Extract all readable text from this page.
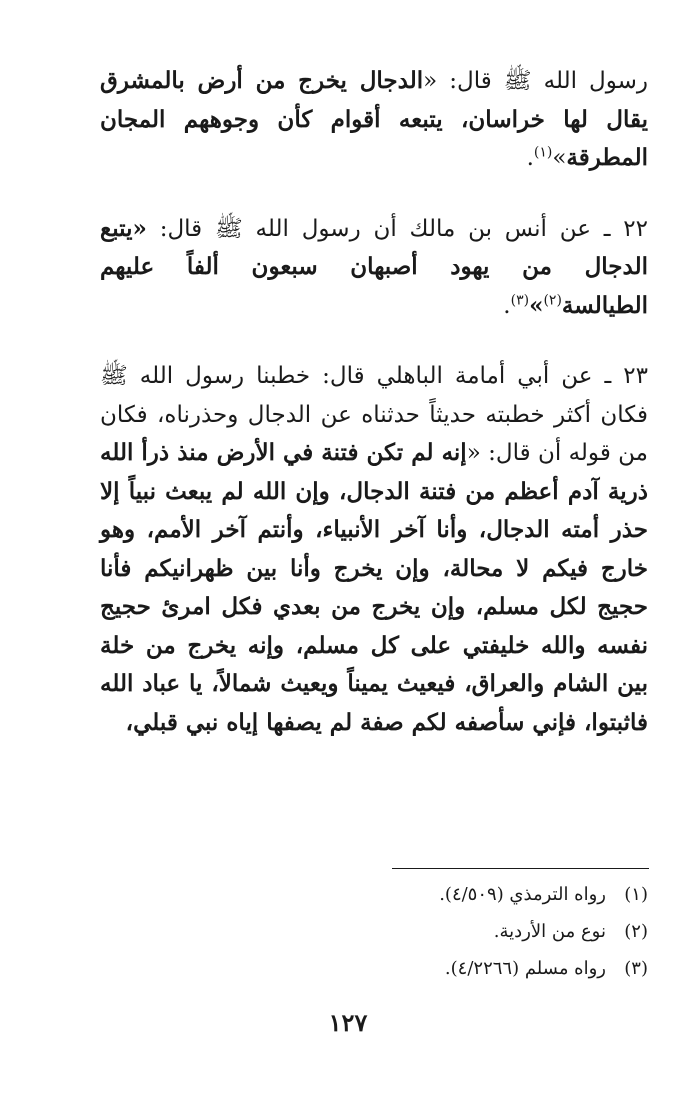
رسول الله ﷺ قال: «الدجال يخرج من أرض بالمشرق يقال لها خراسان، يتبعه أقوام كأن وجوههم المجان المطرقة»$^{(١)}$.

٢٢ ـ عن أنس بن مالك أن رسول الله ﷺ قال: «يتبع الدجال من يهود أصبهان سبعون ألفاً عليهم الطيالسة$^{(٢)}$»$^{(٣)}$.

٢٣ ـ عن أبي أمامة الباهلي قال: خطبنا رسول الله ﷺ فكان أكثر خطبته حديثاً حدثناه عن الدجال وحذرناه، فكان من قوله أن قال: «إنه لم تكن فتنة في الأرض منذ ذرأ الله ذرية آدم أعظم من فتنة الدجال، وإن الله لم يبعث نبياً إلا حذر أمته الدجال، وأنا آخر الأنبياء، وأنتم آخر الأمم، وهو خارج فيكم لا محالة، وإن يخرج وأنا بين ظهرانيكم فأنا حجيج لكل مسلم، وإن يخرج من بعدي فكل امرئ حجيج نفسه والله خليفتي على كل مسلم، وإنه يخرج من خلة بين الشام والعراق، فيعيث يميناً ويعيث شمالاً، يا عباد الله فاثبتوا، فإني سأصفه لكم صفة لم يصفها إياه نبي قبلي،

(١)رواه الترمذي (٤/٥٠٩).
(٢)نوع من الأردية.
(٣)رواه مسلم (٤/٢٢٦٦).
١٢٧
